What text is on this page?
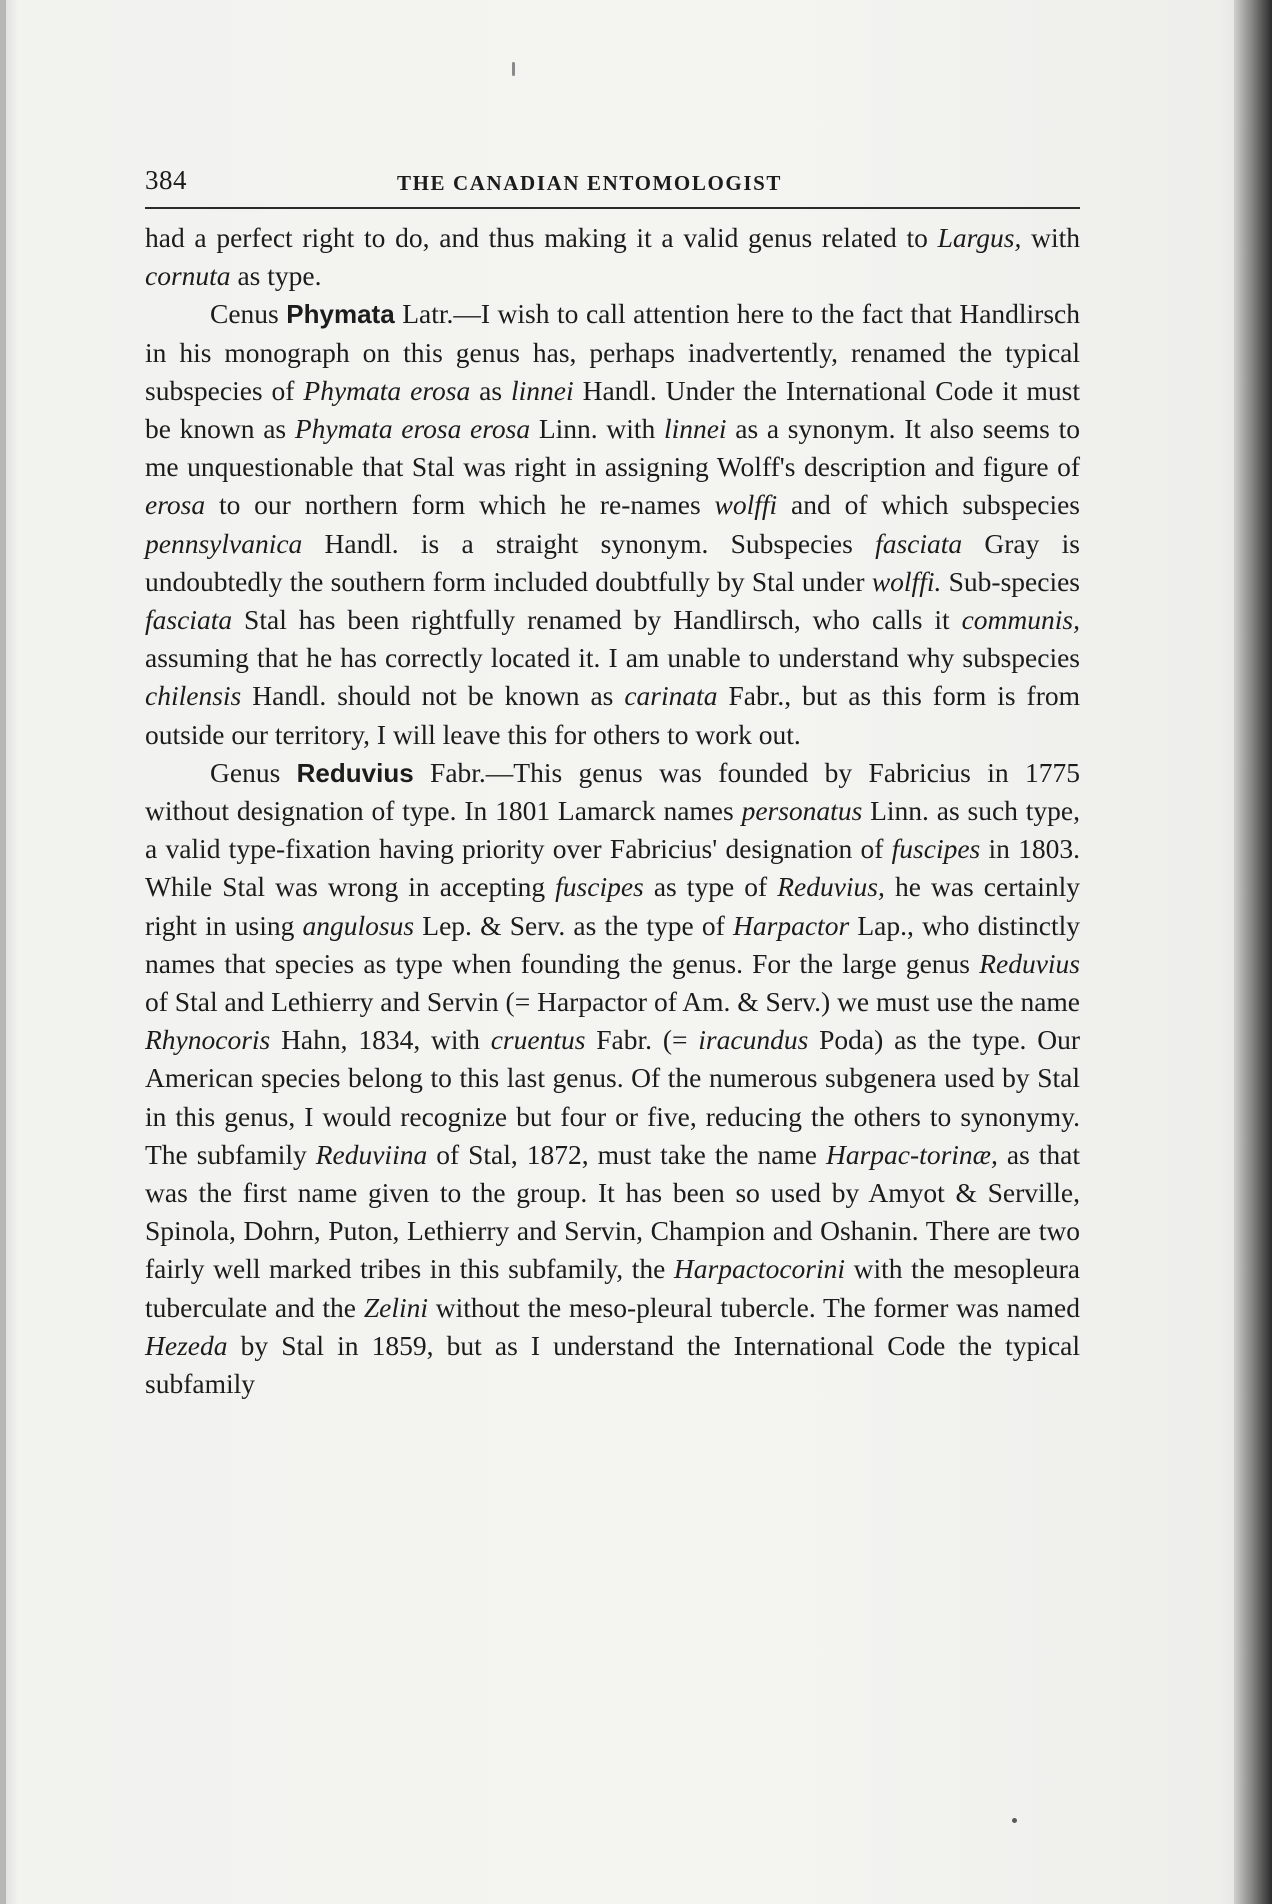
384	THE CANADIAN ENTOMOLOGIST

had a perfect right to do, and thus making it a valid genus related to Largus, with cornuta as type.

Cenus Phymata Latr.—I wish to call attention here to the fact that Handlirsch in his monograph on this genus has, perhaps inadvertently, renamed the typical subspecies of Phymata erosa as linnei Handl. Under the International Code it must be known as Phymata erosa erosa Linn. with linnei as a synonym. It also seems to me unquestionable that Stal was right in assigning Wolff's description and figure of erosa to our northern form which he re-names wolffi and of which subspecies pennsylvanica Handl. is a straight synonym. Subspecies fasciata Gray is undoubtedly the southern form included doubtfully by Stal under wolffi. Sub-species fasciata Stal has been rightfully renamed by Handlirsch, who calls it communis, assuming that he has correctly located it. I am unable to understand why subspecies chilensis Handl. should not be known as carinata Fabr., but as this form is from outside our territory, I will leave this for others to work out.

Genus Reduvius Fabr.—This genus was founded by Fabricius in 1775 without designation of type. In 1801 Lamarck names personatus Linn. as such type, a valid type-fixation having priority over Fabricius' designation of fuscipes in 1803. While Stal was wrong in accepting fuscipes as type of Reduvius, he was certainly right in using angulosus Lep. & Serv. as the type of Harpactor Lap., who distinctly names that species as type when founding the genus. For the large genus Reduvius of Stal and Lethierry and Servin (= Harpactor of Am. & Serv.) we must use the name Rhynocoris Hahn, 1834, with cruentus Fabr. (= iracundus Poda) as the type. Our American species belong to this last genus. Of the numerous subgenera used by Stal in this genus, I would recognize but four or five, reducing the others to synonymy. The subfamily Reduviina of Stal, 1872, must take the name Harpac-torinæ, as that was the first name given to the group. It has been so used by Amyot & Serville, Spinola, Dohrn, Puton, Lethierry and Servin, Champion and Oshanin. There are two fairly well marked tribes in this subfamily, the Harpactocorini with the mesopleura tuberculate and the Zelini without the meso-pleural tubercle. The former was named Hezeda by Stal in 1859, but as I understand the International Code the typical subfamily
